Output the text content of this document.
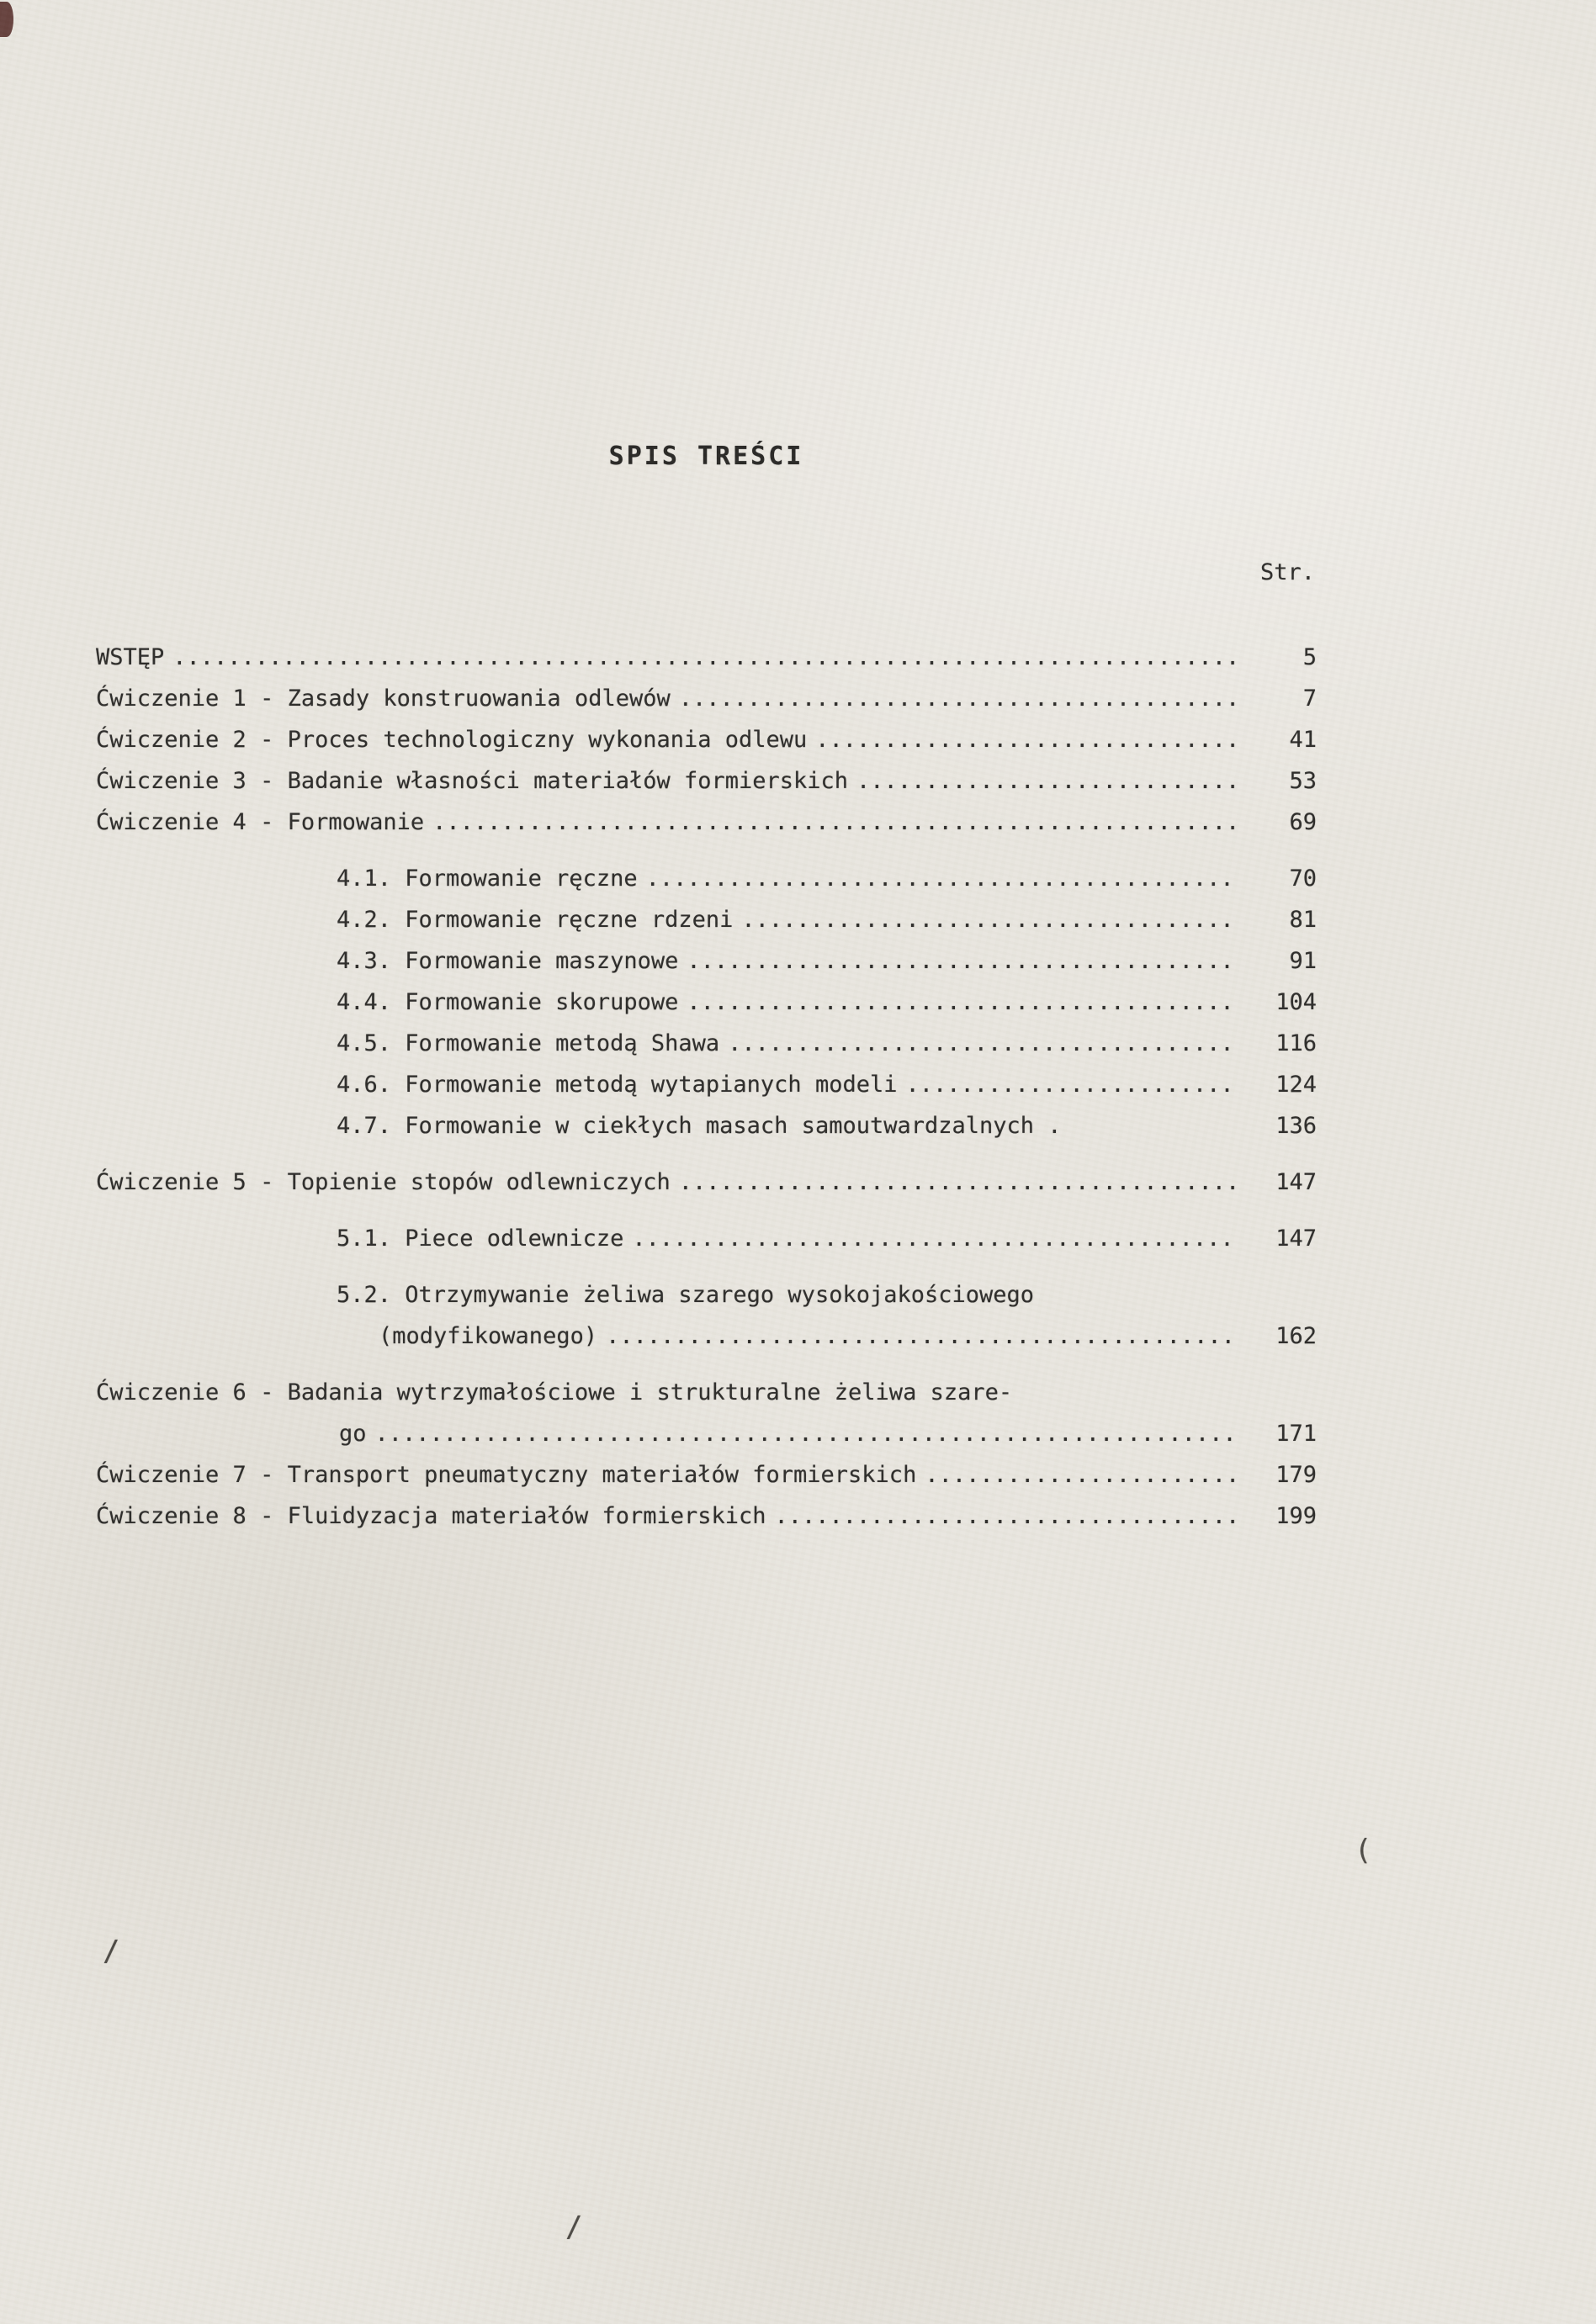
SPIS TREŚCI
Str.
WSTĘP .....	5
Ćwiczenie 1 - Zasady konstruowania odlewów .....	7
Ćwiczenie 2 - Proces technologiczny wykonania odlewu .....	41
Ćwiczenie 3 - Badanie własności materiałów formierskich .....	53
Ćwiczenie 4 - Formowanie .....	69
4.1. Formowanie ręczne .....	70
4.2. Formowanie ręczne rdzeni .....	81
4.3. Formowanie maszynowe .....	91
4.4. Formowanie skorupowe .....	104
4.5. Formowanie metodą Shawa .....	116
4.6. Formowanie metodą wytapianych modeli .....	124
4.7. Formowanie w ciekłych masach samoutwardzalnych .	136
Ćwiczenie 5 - Topienie stopów odlewniczych .....	147
5.1. Piece odlewnicze .....	147
5.2. Otrzymywanie żeliwa szarego wysokojakościowego
(modyfikowanego) .....	162
Ćwiczenie 6 - Badania wytrzymałościowe i strukturalne żeliwa szare-
go .....	171
Ćwiczenie 7 - Transport pneumatyczny materiałów formierskich .....	179
Ćwiczenie 8 - Fluidyzacja materiałów formierskich .....	199
(
/
/
